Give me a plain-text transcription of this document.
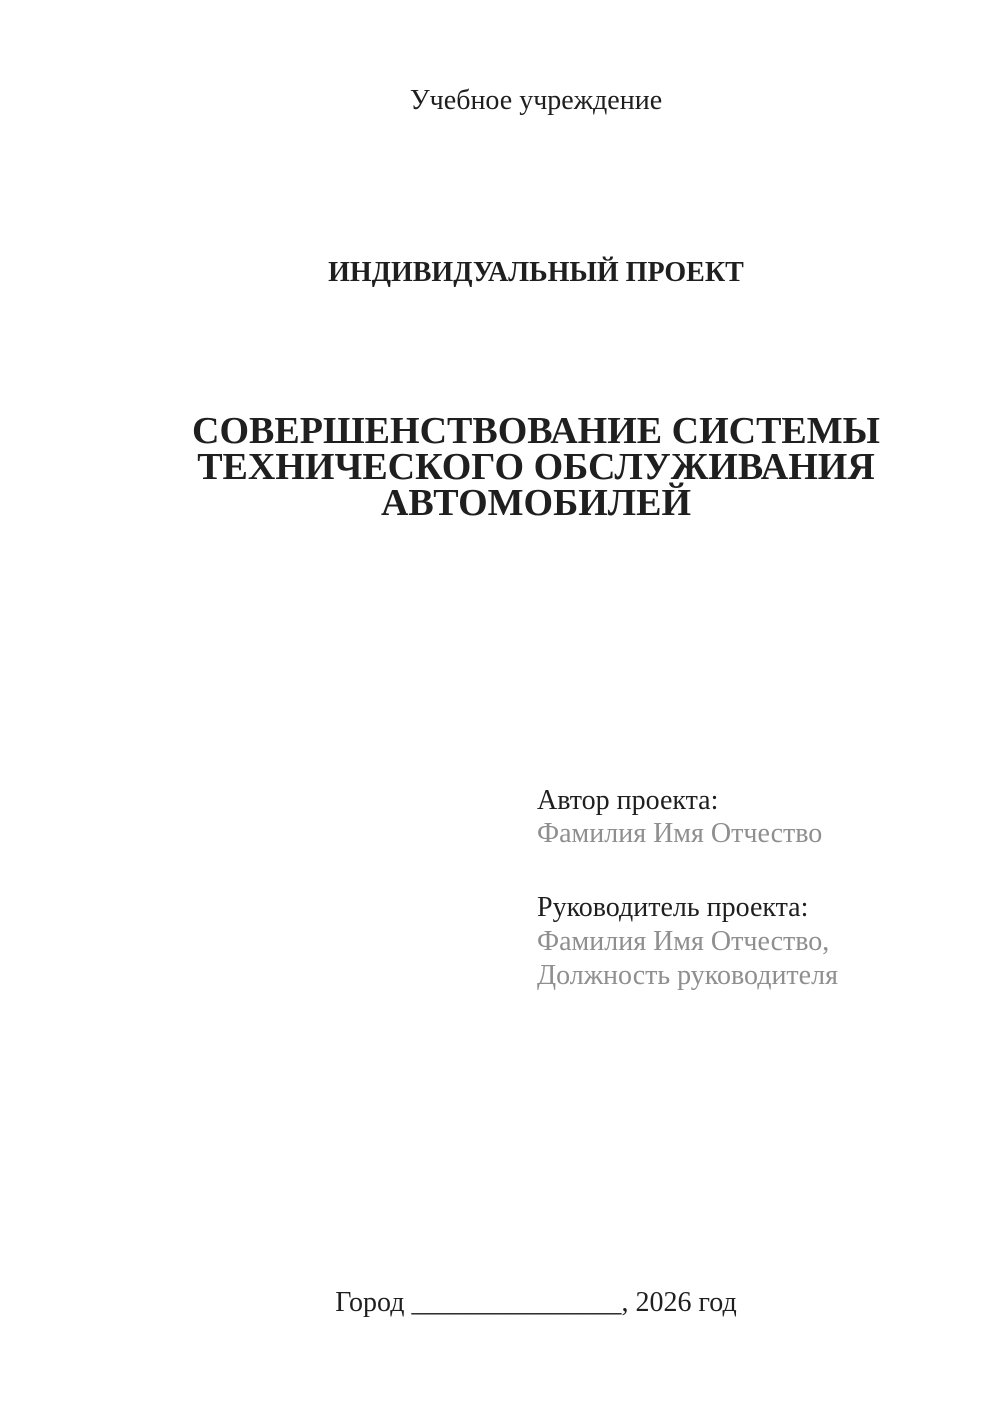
Учебное учреждение
ИНДИВИДУАЛЬНЫЙ ПРОЕКТ
СОВЕРШЕНСТВОВАНИЕ СИСТЕМЫ
ТЕХНИЧЕСКОГО ОБСЛУЖИВАНИЯ
АВТОМОБИЛЕЙ
Автор проекта:
Фамилия Имя Отчество
Руководитель проекта:
Фамилия Имя Отчество,
Должность руководителя
Город _______________, 2026 год
